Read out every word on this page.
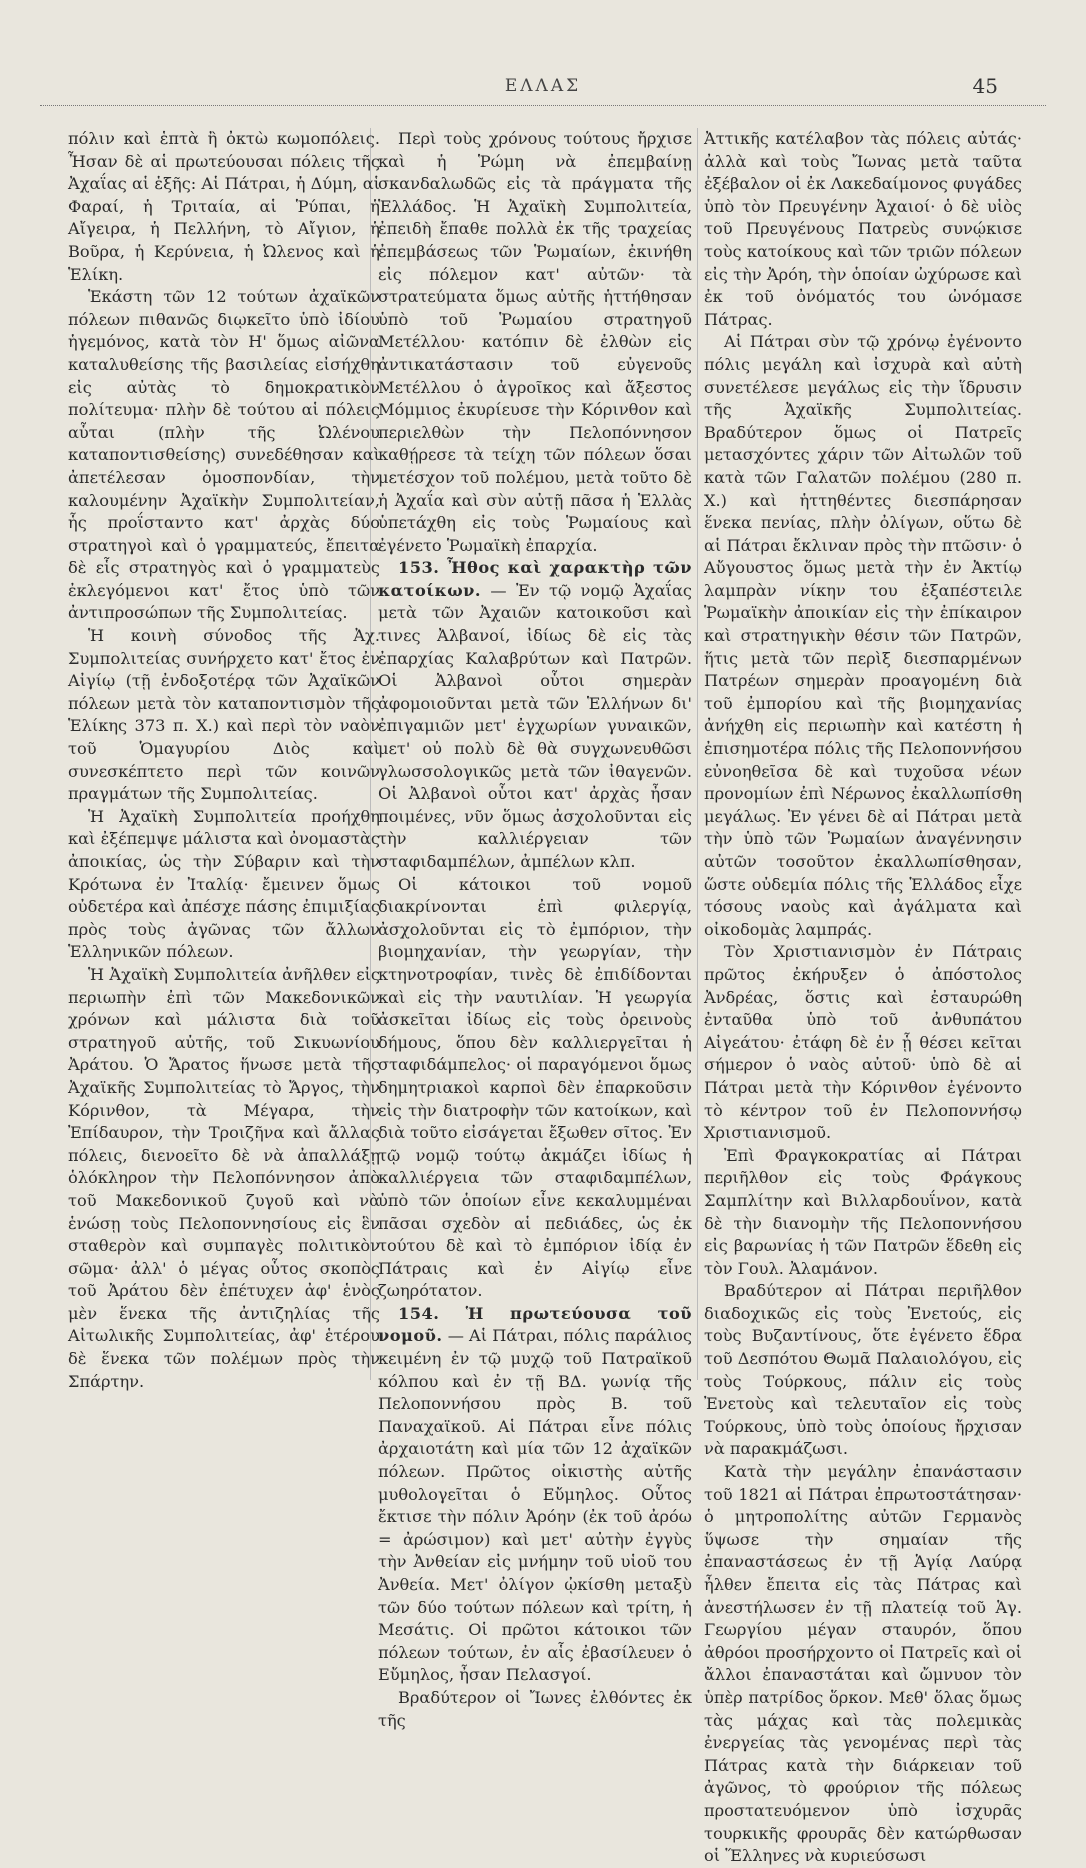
ΕΛΛΑΣ	45

πόλιν καὶ ἑπτὰ ἢ ὀκτὼ κωμοπόλεις. Ἦσαν δὲ αἱ πρωτεύουσαι πόλεις τῆς Ἀχαΐας αἱ ἑξῆς: Αἱ Πάτραι, ἡ Δύμη, αἱ Φαραί, ἡ Τριταία, αἱ Ῥύπαι, ἡ Αἴγειρα, ἡ Πελλήνη, τὸ Αἴγιον, ἡ Βοῦρα, ἡ Κερύνεια, ἡ Ὠλενος καὶ ἡ Ἑλίκη.

Ἑκάστη τῶν 12 τούτων ἀχαϊκῶν πόλεων πιθανῶς διῳκεῖτο ὑπὸ ἰδίου ἡγεμόνος, κατὰ τὸν Η' ὅμως αἰῶνα καταλυθείσης τῆς βασιλείας εἰσήχθη εἰς αὐτὰς τὸ δημοκρατικὸν πολίτευμα· πλὴν δὲ τούτου αἱ πόλεις αὗται (πλὴν τῆς Ὠλένου καταποντισθείσης) συνεδέθησαν καὶ ἀπετέλεσαν ὁμοσπονδίαν, τὴν καλουμένην Ἀχαϊκὴν Συμπολιτείαν, ἧς προΐσταντο κατ' ἀρχὰς δύο στρατηγοὶ καὶ ὁ γραμματεύς, ἔπειτα δὲ εἷς στρατηγὸς καὶ ὁ γραμματεὺς ἐκλεγόμενοι κατ' ἔτος ὑπὸ τῶν ἀντιπροσώπων τῆς Συμπολιτείας.

Ἡ κοινὴ σύνοδος τῆς Ἀχ. Συμπολιτείας συνήρχετο κατ' ἔτος ἐν Αἰγίῳ (τῇ ἐνδοξοτέρᾳ τῶν Ἀχαϊκῶν πόλεων μετὰ τὸν καταποντισμὸν τῆς Ἑλίκης 373 π. Χ.) καὶ περὶ τὸν ναὸν τοῦ Ὁμαγυρίου Διὸς καὶ συνεσκέπτετο περὶ τῶν κοινῶν πραγμάτων τῆς Συμπολιτείας.

Ἡ Ἀχαϊκὴ Συμπολιτεία προήχθη καὶ ἐξέπεμψε μάλιστα καὶ ὀνομαστὰς ἀποικίας, ὡς τὴν Σύβαριν καὶ τὴν Κρότωνα ἐν Ἰταλίᾳ· ἔμεινεν ὅμως οὐδετέρα καὶ ἀπέσχε πάσης ἐπιμιξίας πρὸς τοὺς ἀγῶνας τῶν ἄλλων Ἑλληνικῶν πόλεων.

Ἡ Ἀχαϊκὴ Συμπολιτεία ἀνῆλθεν εἰς περιωπὴν ἐπὶ τῶν Μακεδονικῶν χρόνων καὶ μάλιστα διὰ τοῦ στρατηγοῦ αὐτῆς, τοῦ Σικυωνίου Ἀράτου. Ὁ Ἄρατος ἥνωσε μετὰ τῆς Ἀχαϊκῆς Συμπολιτείας τὸ Ἄργος, τὴν Κόρινθον, τὰ Μέγαρα, τὴν Ἐπίδαυρον, τὴν Τροιζῆνα καὶ ἄλλας πόλεις, διενοεῖτο δὲ νὰ ἀπαλλάξῃ ὁλόκληρον τὴν Πελοπόννησον ἀπὸ τοῦ Μακεδονικοῦ ζυγοῦ καὶ νὰ ἑνώσῃ τοὺς Πελοποννησίους εἰς ἓν σταθερὸν καὶ συμπαγὲς πολιτικὸν σῶμα· ἀλλ' ὁ μέγας οὗτος σκοπὸς τοῦ Ἀράτου δὲν ἐπέτυχεν ἀφ' ἑνὸς μὲν ἕνεκα τῆς ἀντιζηλίας τῆς Αἰτωλικῆς Συμπολιτείας, ἀφ' ἑτέρου δὲ ἕνεκα τῶν πολέμων πρὸς τὴν Σπάρτην.

Περὶ τοὺς χρόνους τούτους ἤρχισε καὶ ἡ Ῥώμη νὰ ἐπεμβαίνῃ σκανδαλωδῶς εἰς τὰ πράγματα τῆς Ἑλλάδος. Ἡ Ἀχαϊκὴ Συμπολιτεία, ἐπειδὴ ἔπαθε πολλὰ ἐκ τῆς τραχείας ἐπεμβάσεως τῶν Ῥωμαίων, ἐκινήθη εἰς πόλεμον κατ' αὐτῶν· τὰ στρατεύματα ὅμως αὐτῆς ἡττήθησαν ὑπὸ τοῦ Ῥωμαίου στρατηγοῦ Μετέλλου· κατόπιν δὲ ἐλθὼν εἰς ἀντικατάστασιν τοῦ εὐγενοῦς Μετέλλου ὁ ἀγροῖκος καὶ ἄξεστος Μόμμιος ἐκυρίευσε τὴν Κόρινθον καὶ περιελθὼν τὴν Πελοπόννησον καθῄρεσε τὰ τείχη τῶν πόλεων ὅσαι μετέσχον τοῦ πολέμου, μετὰ τοῦτο δὲ ἡ Ἀχαΐα καὶ σὺν αὐτῇ πᾶσα ἡ Ἑλλὰς ὑπετάχθη εἰς τοὺς Ῥωμαίους καὶ ἐγένετο Ῥωμαϊκὴ ἐπαρχία.

153. Ἦθος καὶ χαρακτὴρ τῶν κατοίκων. — Ἐν τῷ νομῷ Ἀχαΐας μετὰ τῶν Ἀχαιῶν κατοικοῦσι καὶ τινες Ἀλβανοί, ἰδίως δὲ εἰς τὰς ἐπαρχίας Καλαβρύτων καὶ Πατρῶν. Οἱ Ἀλβανοὶ οὗτοι σημερὰν ἀφομοιοῦνται μετὰ τῶν Ἑλλήνων δι' ἐπιγαμιῶν μετ' ἐγχωρίων γυναικῶν, μετ' οὐ πολὺ δὲ θὰ συγχωνευθῶσι γλωσσολογικῶς μετὰ τῶν ἰθαγενῶν. Οἱ Ἀλβανοὶ οὗτοι κατ' ἀρχὰς ἦσαν ποιμένες, νῦν ὅμως ἀσχολοῦνται εἰς τὴν καλλιέργειαν τῶν σταφιδαμπέλων, ἀμπέλων κλπ.

Οἱ κάτοικοι τοῦ νομοῦ διακρίνονται ἐπὶ φιλεργίᾳ, ἀσχολοῦνται εἰς τὸ ἐμπόριον, τὴν βιομηχανίαν, τὴν γεωργίαν, τὴν κτηνοτροφίαν, τινὲς δὲ ἐπιδίδονται καὶ εἰς τὴν ναυτιλίαν. Ἡ γεωργία ἀσκεῖται ἰδίως εἰς τοὺς ὀρεινοὺς δήμους, ὅπου δὲν καλλιεργεῖται ἡ σταφιδάμπελος· οἱ παραγόμενοι ὅμως δημητριακοὶ καρποὶ δὲν ἐπαρκοῦσιν εἰς τὴν διατροφὴν τῶν κατοίκων, καὶ διὰ τοῦτο εἰσάγεται ἔξωθεν σῖτος. Ἐν τῷ νομῷ τούτῳ ἀκμάζει ἰδίως ἡ καλλιέργεια τῶν σταφιδαμπέλων, ὑπὸ τῶν ὁποίων εἶνε κεκαλυμμέναι πᾶσαι σχεδὸν αἱ πεδιάδες, ὡς ἐκ τούτου δὲ καὶ τὸ ἐμπόριον ἰδίᾳ ἐν Πάτραις καὶ ἐν Αἰγίῳ εἶνε ζωηρότατον.

154. Ἡ πρωτεύουσα τοῦ νομοῦ. — Αἱ Πάτραι, πόλις παράλιος κειμένη ἐν τῷ μυχῷ τοῦ Πατραϊκοῦ κόλπου καὶ ἐν τῇ ΒΔ. γωνίᾳ τῆς Πελοποννήσου πρὸς Β. τοῦ Παναχαϊκοῦ. Αἱ Πάτραι εἶνε πόλις ἀρχαιοτάτη καὶ μία τῶν 12 ἀχαϊκῶν πόλεων. Πρῶτος οἰκιστὴς αὐτῆς μυθολογεῖται ὁ Εὔμηλος. Οὗτος ἔκτισε τὴν πόλιν Ἀρόην (ἐκ τοῦ ἀρόω = ἀρώσιμον) καὶ μετ' αὐτὴν ἐγγὺς τὴν Ἀνθείαν εἰς μνήμην τοῦ υἱοῦ του Ἀνθεία. Μετ' ὀλίγον ᾠκίσθη μεταξὺ τῶν δύο τούτων πόλεων καὶ τρίτη, ἡ Μεσάτις. Οἱ πρῶτοι κάτοικοι τῶν πόλεων τούτων, ἐν αἷς ἐβασίλευεν ὁ Εὔμηλος, ἦσαν Πελασγοί.

Βραδύτερον οἱ Ἴωνες ἐλθόντες ἐκ τῆς

Ἀττικῆς κατέλαβον τὰς πόλεις αὐτάς· ἀλλὰ καὶ τοὺς Ἴωνας μετὰ ταῦτα ἐξέβαλον οἱ ἐκ Λακεδαίμονος φυγάδες ὑπὸ τὸν Πρευγένην Ἀχαιοί· ὁ δὲ υἱὸς τοῦ Πρευγένους Πατρεὺς συνῴκισε τοὺς κατοίκους καὶ τῶν τριῶν πόλεων εἰς τὴν Ἀρόη, τὴν ὁποίαν ὠχύρωσε καὶ ἐκ τοῦ ὀνόματός του ὠνόμασε Πάτρας.

Αἱ Πάτραι σὺν τῷ χρόνῳ ἐγένοντο πόλις μεγάλη καὶ ἰσχυρὰ καὶ αὐτὴ συνετέλεσε μεγάλως εἰς τὴν ἵδρυσιν τῆς Ἀχαϊκῆς Συμπολιτείας. Βραδύτερον ὅμως οἱ Πατρεῖς μετασχόντες χάριν τῶν Αἰτωλῶν τοῦ κατὰ τῶν Γαλατῶν πολέμου (280 π. Χ.) καὶ ἡττηθέντες διεσπάρησαν ἕνεκα πενίας, πλὴν ὀλίγων, οὕτω δὲ αἱ Πάτραι ἔκλιναν πρὸς τὴν πτῶσιν· ὁ Αὔγουστος ὅμως μετὰ τὴν ἐν Ἀκτίῳ λαμπρὰν νίκην του ἐξαπέστειλε Ῥωμαϊκὴν ἀποικίαν εἰς τὴν ἐπίκαιρον καὶ στρατηγικὴν θέσιν τῶν Πατρῶν, ἥτις μετὰ τῶν περὶξ διεσπαρμένων Πατρέων σημερὰν προαγομένη διὰ τοῦ ἐμπορίου καὶ τῆς βιομηχανίας ἀνήχθη εἰς περιωπὴν καὶ κατέστη ἡ ἐπισημοτέρα πόλις τῆς Πελοποννήσου εὐνοηθεῖσα δὲ καὶ τυχοῦσα νέων προνομίων ἐπὶ Νέρωνος ἐκαλλωπίσθη μεγάλως. Ἐν γένει δὲ αἱ Πάτραι μετὰ τὴν ὑπὸ τῶν Ῥωμαίων ἀναγέννησιν αὐτῶν τοσοῦτον ἐκαλλωπίσθησαν, ὥστε οὐδεμία πόλις τῆς Ἑλλάδος εἶχε τόσους ναοὺς καὶ ἀγάλματα καὶ οἰκοδομὰς λαμπράς.

Τὸν Χριστιανισμὸν ἐν Πάτραις πρῶτος ἐκήρυξεν ὁ ἀπόστολος Ἀνδρέας, ὅστις καὶ ἐσταυρώθη ἐνταῦθα ὑπὸ τοῦ ἀνθυπάτου Αἰγεάτου· ἐτάφη δὲ ἐν ᾗ θέσει κεῖται σήμερον ὁ ναὸς αὐτοῦ· ὑπὸ δὲ αἱ Πάτραι μετὰ τὴν Κόρινθον ἐγένοντο τὸ κέντρον τοῦ ἐν Πελοποννήσῳ Χριστιανισμοῦ.

Ἐπὶ Φραγκοκρατίας αἱ Πάτραι περιῆλθον εἰς τοὺς Φράγκους Σαμπλίτην καὶ Βιλλαρδουΐνον, κατὰ δὲ τὴν διανομὴν τῆς Πελοποννήσου εἰς βαρωνίας ἡ τῶν Πατρῶν ἕδεθη εἰς τὸν Γουλ. Ἀλαμάνον.

Βραδύτερον αἱ Πάτραι περιῆλθον διαδοχικῶς εἰς τοὺς Ἐνετούς, εἰς τοὺς Βυζαντίνους, ὅτε ἐγένετο ἕδρα τοῦ Δεσπότου Θωμᾶ Παλαιολόγου, εἰς τοὺς Τούρκους, πάλιν εἰς τοὺς Ἐνετοὺς καὶ τελευταῖον εἰς τοὺς Τούρκους, ὑπὸ τοὺς ὁποίους ἤρχισαν νὰ παρακμάζωσι.

Κατὰ τὴν μεγάλην ἐπανάστασιν τοῦ 1821 αἱ Πάτραι ἐπρωτοστάτησαν· ὁ μητροπολίτης αὐτῶν Γερμανὸς ὕψωσε τὴν σημαίαν τῆς ἐπαναστάσεως ἐν τῇ Ἁγίᾳ Λαύρᾳ ἦλθεν ἔπειτα εἰς τὰς Πάτρας καὶ ἀνεστήλωσεν ἐν τῇ πλατείᾳ τοῦ Ἁγ. Γεωργίου μέγαν σταυρόν, ὅπου ἀθρόοι προσήρχοντο οἱ Πατρεῖς καὶ οἱ ἄλλοι ἐπαναστάται καὶ ὤμνυον τὸν ὑπὲρ πατρίδος ὅρκον. Μεθ' ὅλας ὅμως τὰς μάχας καὶ τὰς πολεμικὰς ἐνεργείας τὰς γενομένας περὶ τὰς Πάτρας κατὰ τὴν διάρκειαν τοῦ ἀγῶνος, τὸ φρούριον τῆς πόλεως προστατευόμενον ὑπὸ ἰσχυρᾶς τουρκικῆς φρουρᾶς δὲν κατώρθωσαν οἱ Ἕλληνες νὰ κυριεύσωσι
